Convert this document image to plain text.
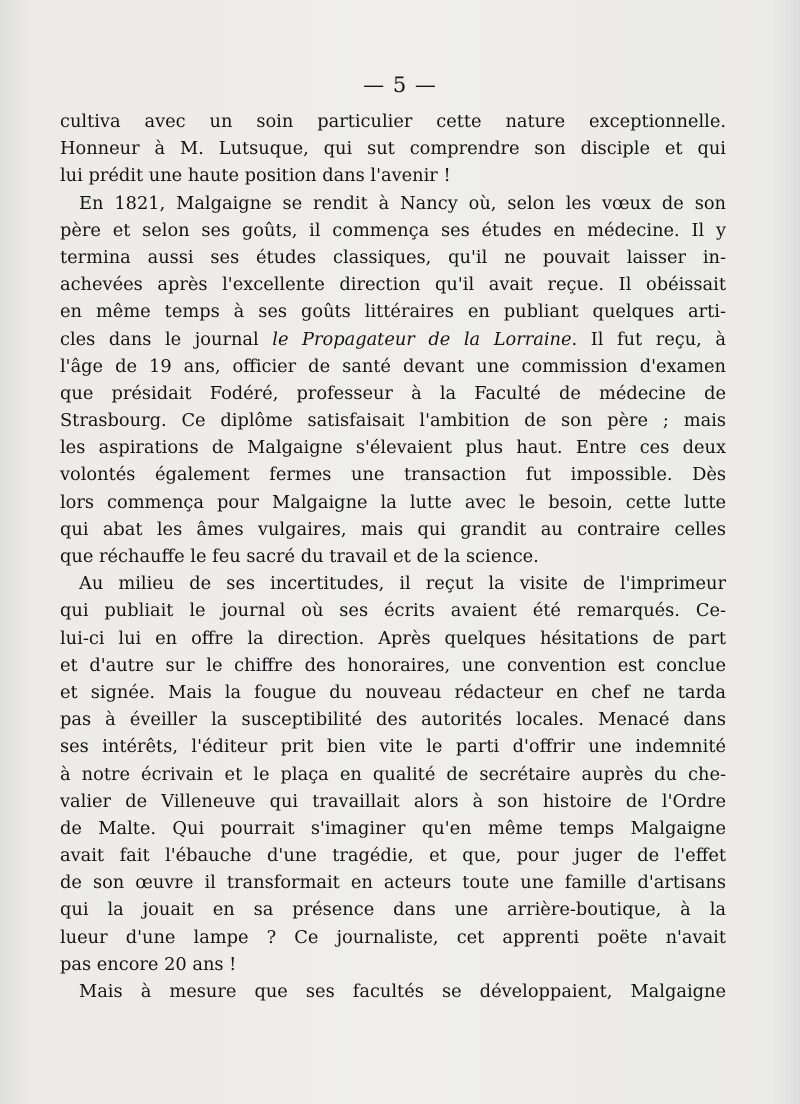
— 5 —
cultiva avec un soin particulier cette nature exceptionnelle.
Honneur à M. Lutsuque, qui sut comprendre son disciple et qui
lui prédit une haute position dans l'avenir !
En 1821, Malgaigne se rendit à Nancy où, selon les vœux de son
père et selon ses goûts, il commença ses études en médecine. Il y
termina aussi ses études classiques, qu'il ne pouvait laisser in-
achevées après l'excellente direction qu'il avait reçue. Il obéissait
en même temps à ses goûts littéraires en publiant quelques arti-
cles dans le journal le Propagateur de la Lorraine. Il fut reçu, à
l'âge de 19 ans, officier de santé devant une commission d'examen
que présidait Fodéré, professeur à la Faculté de médecine de
Strasbourg. Ce diplôme satisfaisait l'ambition de son père ; mais
les aspirations de Malgaigne s'élevaient plus haut. Entre ces deux
volontés également fermes une transaction fut impossible. Dès
lors commença pour Malgaigne la lutte avec le besoin, cette lutte
qui abat les âmes vulgaires, mais qui grandit au contraire celles
que réchauffe le feu sacré du travail et de la science.
Au milieu de ses incertitudes, il reçut la visite de l'imprimeur
qui publiait le journal où ses écrits avaient été remarqués. Ce-
lui-ci lui en offre la direction. Après quelques hésitations de part
et d'autre sur le chiffre des honoraires, une convention est conclue
et signée. Mais la fougue du nouveau rédacteur en chef ne tarda
pas à éveiller la susceptibilité des autorités locales. Menacé dans
ses intérêts, l'éditeur prit bien vite le parti d'offrir une indemnité
à notre écrivain et le plaça en qualité de secrétaire auprès du che-
valier de Villeneuve qui travaillait alors à son histoire de l'Ordre
de Malte. Qui pourrait s'imaginer qu'en même temps Malgaigne
avait fait l'ébauche d'une tragédie, et que, pour juger de l'effet
de son œuvre il transformait en acteurs toute une famille d'artisans
qui la jouait en sa présence dans une arrière-boutique, à la
lueur d'une lampe ? Ce journaliste, cet apprenti poëte n'avait
pas encore 20 ans !
Mais à mesure que ses facultés se développaient, Malgaigne
